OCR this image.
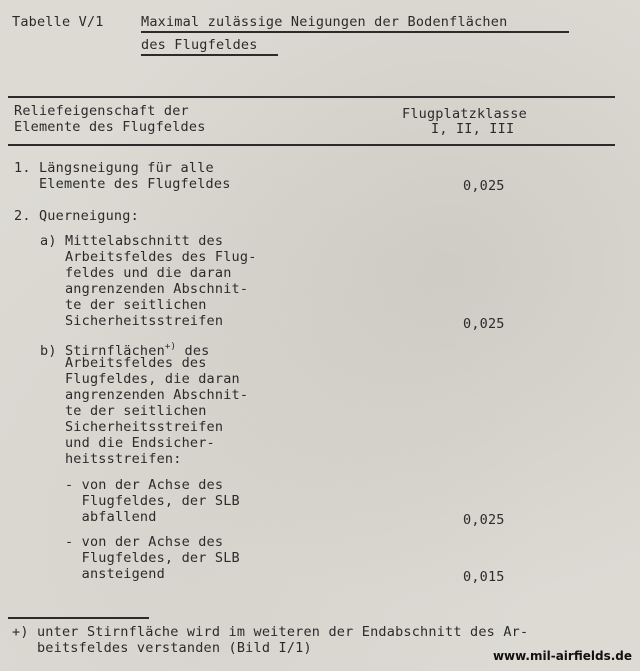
Tabelle V/1	Maximal zulässige Neigungen der Bodenflächen
des Flugfeldes
Reliefeigenschaft der
Elemente des Flugfeldes
Flugplatzklasse
I, II, III
1. Längsneigung für alle
Elemente des Flugfeldes	0,025
2. Querneigung:
a) Mittelabschnitt des
Arbeitsfeldes des Flug-
feldes und die daran
angrenzenden Abschnit-
te der seitlichen
Sicherheitsstreifen	0,025
b) Stirnflächen+) des
Arbeitsfeldes des
Flugfeldes, die daran
angrenzenden Abschnit-
te der seitlichen
Sicherheitsstreifen
und die Endsicher-
heitsstreifen:
- von der Achse des
Flugfeldes, der SLB
abfallend	0,025
- von der Achse des
Flugfeldes, der SLB
ansteigend	0,015
+) unter Stirnfläche wird im weiteren der Endabschnitt des Ar-
beitsfeldes verstanden (Bild I/1)	www.mil-airfields.de
